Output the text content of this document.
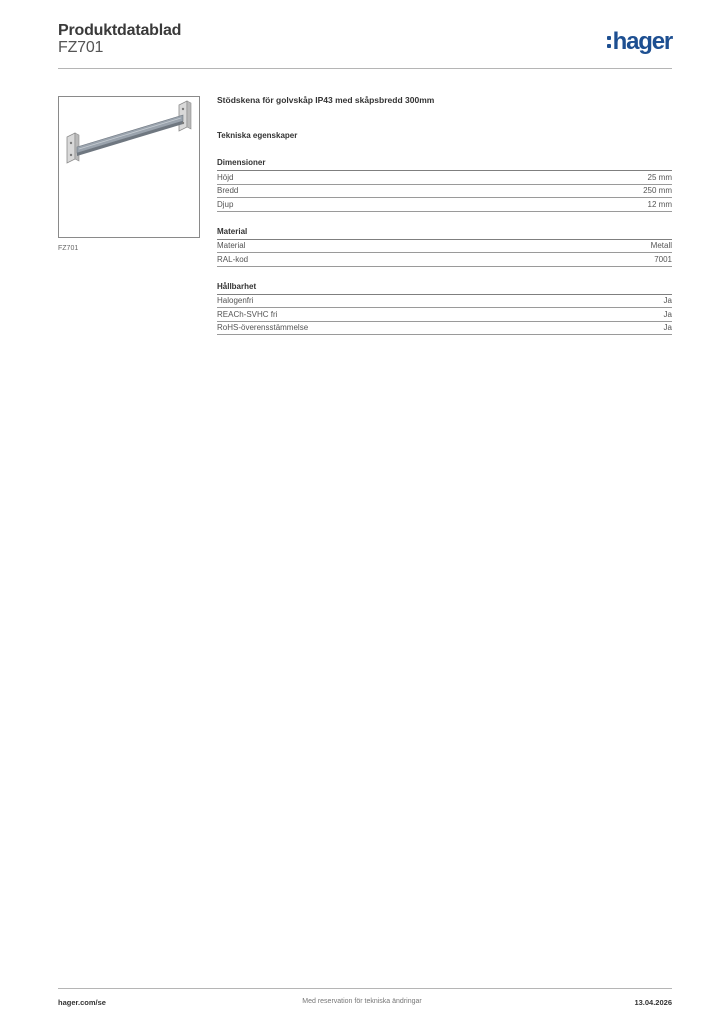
Produktdatablad
FZ701	hager
FZ701
Stödskena för golvskåp IP43 med skåpsbredd 300mm
Tekniska egenskaper
Dimensioner
Höjd	25 mm
Bredd	250 mm
Djup	12 mm
Material
Material	Metall
RAL-kod	7001
Hållbarhet
Halogenfri	Ja
REACh-SVHC fri	Ja
RoHS-överensstämmelse	Ja
hager.com/se	Med reservation för tekniska ändringar	13.04.2026
